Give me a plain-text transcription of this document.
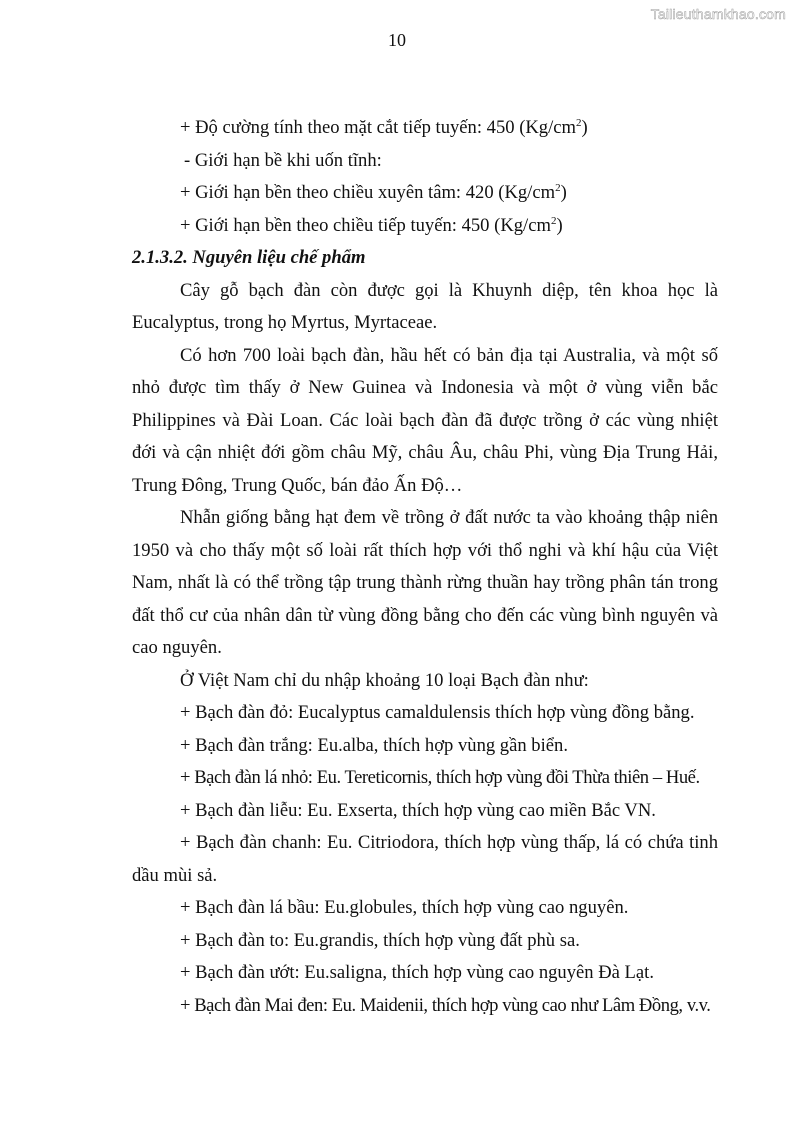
Tailieuthamkhao.com
10

+ Độ cường tính theo mặt cắt tiếp tuyến: 450 $(Kg/cm^2)$

- Giới hạn bề khi uốn tĩnh:

+ Giới hạn bền theo chiều xuyên tâm: 420 $(Kg/cm^2)$

+ Giới hạn bền theo chiều tiếp tuyến: 450 $(Kg/cm^2)$

2.1.3.2. Nguyên liệu chế phẩm

Cây gỗ bạch đàn còn được gọi là Khuynh diệp, tên khoa học là Eucalyptus, trong họ Myrtus, Myrtaceae.

Có hơn 700 loài bạch đàn, hầu hết có bản địa tại Australia, và một số nhỏ được tìm thấy ở New Guinea và Indonesia và một ở vùng viễn bắc Philippines và Đài Loan. Các loài bạch đàn đã được trồng ở các vùng nhiệt đới và cận nhiệt đới gồm châu Mỹ, châu Âu, châu Phi, vùng Địa Trung Hải, Trung Đông, Trung Quốc, bán đảo Ấn Độ…

Nhẫn giống bằng hạt đem về trồng ở đất nước ta vào khoảng thập niên 1950 và cho thấy một số loài rất thích hợp với thổ nghi và khí hậu của Việt Nam, nhất là có thể trồng tập trung thành rừng thuần hay trồng phân tán trong đất thổ cư của nhân dân từ vùng đồng bằng cho đến các vùng bình nguyên và cao nguyên.

Ở Việt Nam chỉ du nhập khoảng 10 loại Bạch đàn như:

+ Bạch đàn đỏ: Eucalyptus camaldulensis thích hợp vùng đồng bằng.

+ Bạch đàn trắng: Eu.alba, thích hợp vùng gần biển.

+ Bạch đàn lá nhỏ: Eu. Tereticornis, thích hợp vùng đồi Thừa thiên – Huế.

+ Bạch đàn liễu: Eu. Exserta, thích hợp vùng cao miền Bắc VN.

+ Bạch đàn chanh: Eu. Citriodora, thích hợp vùng thấp, lá có chứa tinh dầu mùi sả.

+ Bạch đàn lá bầu: Eu.globules, thích hợp vùng cao nguyên.

+ Bạch đàn to: Eu.grandis, thích hợp vùng đất phù sa.

+ Bạch đàn ướt: Eu.saligna, thích hợp vùng cao nguyên Đà Lạt.

+ Bạch đàn Mai đen: Eu. Maidenii, thích hợp vùng cao như Lâm Đồng, v.v.
